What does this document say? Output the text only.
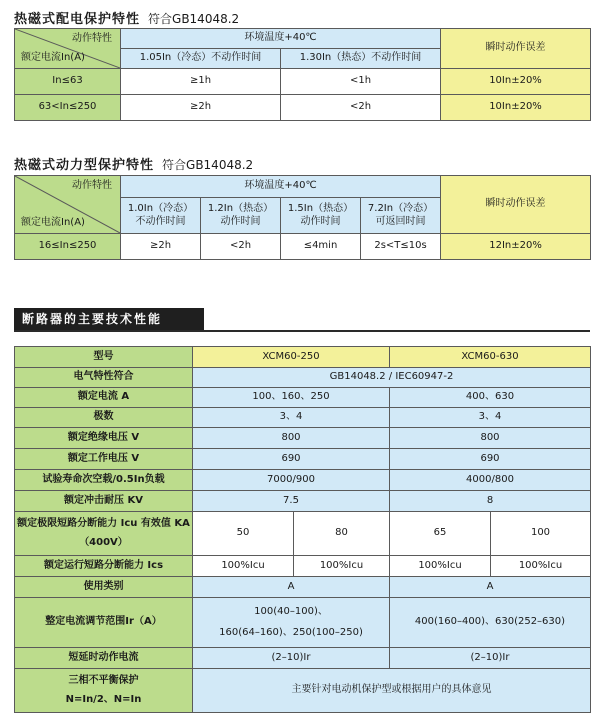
热磁式配电保护特性 符合GB14048.2
动作特性
额定电流In(A)	环境温度+40℃		瞬时动作误差
	1.05In（冷态）不动作时间	1.30In（热态）不动作时间	
In≤63	≥1h	<1h	10In±20%
63<In≤250	≥2h	<2h	10In±20%
热磁式动力型保护特性 符合GB14048.2
动作特性
额定电流In(A)	环境温度+40℃				瞬时动作误差
	1.0In（冷态）不动作时间	1.2In（热态）动作时间	1.5In（热态）动作时间	7.2In（冷态）可返回时间	
16≤In≤250	≥2h	<2h	≤4min	2s<T≤10s	12In±20%
断路器的主要技术性能
型号	XCM60-250		XCM60-630	
电气特性符合	GB14048.2 / IEC60947-2			
额定电流 A	100、160、250		400、630	
极数	3、4		3、4	
额定绝缘电压 V	800		800	
额定工作电压 V	690		690	
试验寿命次空载/0.5In负载	7000/900		4000/800	
额定冲击耐压 KV	7.5		8	

额定极限短路分断能力 Icu 有效值 KA
（400V）	50	80	65	100
额定运行短路分断能力 Ics	100%Icu	100%Icu	100%Icu	100%Icu
使用类别	A		A	
整定电流调节范围Ir（A）	100(40–100)、
160(64–160)、250(100–250)		400(160–400)、630(252–630)	
短延时动作电流	(2–10)Ir		(2–10)Ir	

三相不平衡保护
N=In/2、N=In	主要针对电动机保护型或根据用户的具体意见			
